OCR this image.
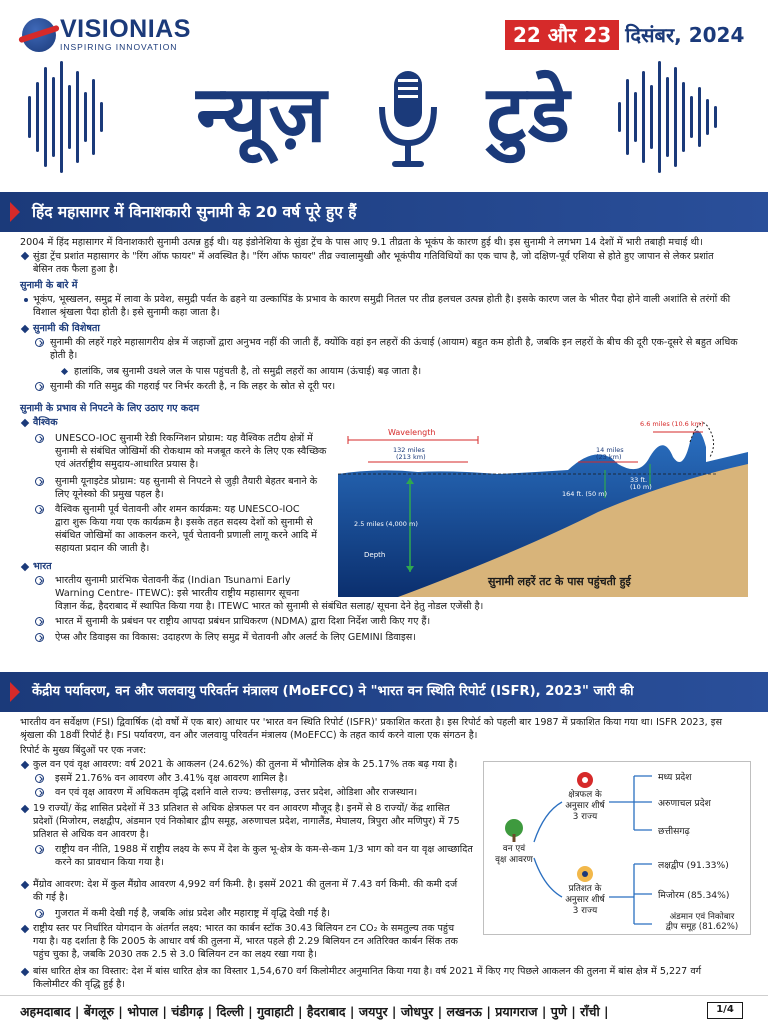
VISIONIAS
INSPIRING INNOVATION	22 और 23 दिसंबर, 2024
न्यूज़ टुडे
हिंद महासागर में विनाशकारी सुनामी के 20 वर्ष पूरे हुए हैं
2004 में हिंद महासागर में विनाशकारी सुनामी उत्पन्न हुई थी। यह इंडोनेशिया के सुंडा ट्रेंच के पास आए 9.1 तीव्रता के भूकंप के कारण हुई थी। इस सुनामी ने लगभग 14 देशों में भारी तबाही मचाई थी।
सुंडा ट्रेंच प्रशांत महासागर के "रिंग ऑफ फायर" में अवस्थित है। "रिंग ऑफ फायर" तीव्र ज्वालामुखी और भूकंपीय गतिविधियों का एक चाप है, जो दक्षिण-पूर्व एशिया से होते हुए जापान से लेकर प्रशांत
बेसिन तक फैला हुआ है।
सुनामी के बारे में
भूकंप, भूस्खलन, समुद्र में लावा के प्रवेश, समुद्री पर्वत के ढहने या उल्कापिंड के प्रभाव के कारण समुद्री नितल पर तीव्र हलचल उत्पन्न होती है। इसके कारण जल के भीतर पैदा होने वाली अशांति से तरंगों की
विशाल श्रृंखला पैदा होती है। इसे सुनामी कहा जाता है।
सुनामी की विशेषता
सुनामी की लहरें गहरे महासागरीय क्षेत्र में जहाजों द्वारा अनुभव नहीं की जाती हैं, क्योंकि वहां इन लहरों की ऊंचाई (आयाम) बहुत कम होती है, जबकि इन लहरों के बीच की दूरी एक-दूसरे से बहुत अधिक
होती है।
हालांकि, जब सुनामी उथले जल के पास पहुंचती है, तो समुद्री लहरों का आयाम (ऊंचाई) बढ़ जाता है।
सुनामी की गति समुद्र की गहराई पर निर्भर करती है, न कि लहर के स्रोत से दूरी पर।
सुनामी के प्रभाव से निपटने के लिए उठाए गए कदम
वैश्विक
UNESCO-IOC सुनामी रेडी रिकग्निशन प्रोग्राम: यह वैश्विक तटीय क्षेत्रों में
सुनामी से संबंधित जोखिमों की रोकथाम को मजबूत करने के लिए एक स्वैच्छिक
एवं अंतर्राष्ट्रीय समुदाय-आधारित प्रयास है।
सुनामी यूनाइटेड प्रोग्राम: यह सुनामी से निपटने से जुड़ी तैयारी बेहतर बनाने के
लिए यूनेस्को की प्रमुख पहल है।
वैश्विक सुनामी पूर्व चेतावनी और शमन कार्यक्रम: यह UNESCO-IOC
द्वारा शुरू किया गया एक कार्यक्रम है। इसके तहत सदस्य देशों को सुनामी से
संबंधित जोखिमों का आकलन करने, पूर्व चेतावनी प्रणाली लागू करने आदि में
सहायता प्रदान की जाती है।
भारत
भारतीय सुनामी प्रारंभिक चेतावनी केंद्र (Indian Tsunami Early
Warning Centre- ITEWC): इसे भारतीय राष्ट्रीय महासागर सूचना
विज्ञान केंद्र, हैदराबाद में स्थापित किया गया है। ITEWC भारत को सुनामी से संबंधित सलाह/ सूचना देने हेतु नोडल एजेंसी है।
भारत में सुनामी के प्रबंधन पर राष्ट्रीय आपदा प्रबंधन प्राधिकरण (NDMA) द्वारा दिशा निर्देश जारी किए गए हैं।
ऐप्स और डिवाइस का विकास: उदाहरण के लिए समुद्र में चेतावनी और अलर्ट के लिए GEMINI डिवाइस।
Wavelength
132 miles
(213 km)
14 miles
(23 km)
6.6 miles (10.6 km)
164 ft. (50 m)
33 ft.
(10 m)
2.5 miles (4,000 m)
Depth
सुनामी लहरें तट के पास पहुंचती हुई
केंद्रीय पर्यावरण, वन और जलवायु परिवर्तन मंत्रालय (MoEFCC) ने "भारत वन स्थिति रिपोर्ट (ISFR), 2023" जारी की
भारतीय वन सर्वेक्षण (FSI) द्विवार्षिक (दो वर्षों में एक बार) आधार पर 'भारत वन स्थिति रिपोर्ट (ISFR)' प्रकाशित करता है। इस रिपोर्ट को पहली बार 1987 में प्रकाशित किया गया था। ISFR 2023, इस
श्रृंखला की 18वीं रिपोर्ट है। FSI पर्यावरण, वन और जलवायु परिवर्तन मंत्रालय (MoEFCC) के तहत कार्य करने वाला एक संगठन है।
रिपोर्ट के मुख्य बिंदुओं पर एक नजर:
कुल वन एवं वृक्ष आवरण: वर्ष 2021 के आकलन (24.62%) की तुलना में भौगोलिक क्षेत्र के 25.17% तक बढ़ गया है।
इसमें 21.76% वन आवरण और 3.41% वृक्ष आवरण शामिल है।
वन एवं वृक्ष आवरण में अधिकतम वृद्धि दर्शाने वाले राज्य: छत्तीसगढ़, उत्तर प्रदेश, ओडिशा और राजस्थान।
19 राज्यों/ केंद्र शासित प्रदेशों में 33 प्रतिशत से अधिक क्षेत्रफल पर वन आवरण मौजूद है। इनमें से 8 राज्यों/ केंद्र शासित
प्रदेशों (मिजोरम, लक्षद्वीप, अंडमान एवं निकोबार द्वीप समूह, अरुणाचल प्रदेश, नागालैंड, मेघालय, त्रिपुरा और मणिपुर) में 75
प्रतिशत से अधिक वन आवरण है।
राष्ट्रीय वन नीति, 1988 में राष्ट्रीय लक्ष्य के रूप में देश के कुल भू-क्षेत्र के कम-से-कम 1/3 भाग को वन या वृक्ष आच्छादित
करने का प्रावधान किया गया है।
मैंग्रोव आवरण: देश में कुल मैंग्रोव आवरण 4,992 वर्ग किमी. है। इसमें 2021 की तुलना में 7.43 वर्ग किमी. की कमी दर्ज
की गई है।
गुजरात में कमी देखी गई है, जबकि आंध्र प्रदेश और महाराष्ट्र में वृद्धि देखी गई है।
राष्ट्रीय स्तर पर निर्धारित योगदान के अंतर्गत लक्ष्य: भारत का कार्बन स्टॉक 30.43 बिलियन टन CO₂ के समतुल्य तक पहुंच
गया है। यह दर्शाता है कि 2005 के आधार वर्ष की तुलना में, भारत पहले ही 2.29 बिलियन टन अतिरिक्त कार्बन सिंक तक
पहुंच चुका है, जबकि 2030 तक 2.5 से 3.0 बिलियन टन का लक्ष्य रखा गया है।
बांस धारित क्षेत्र का विस्तार: देश में बांस धारित क्षेत्र का विस्तार 1,54,670 वर्ग किलोमीटर अनुमानित किया गया है। वर्ष 2021 में किए गए पिछले आकलन की तुलना में बांस क्षेत्र में 5,227 वर्ग
किलोमीटर की वृद्धि हुई है।
वन एवं
वृक्ष आवरण
क्षेत्रफल के
अनुसार शीर्ष
3 राज्य
प्रतिशत के
अनुसार शीर्ष
3 राज्य
मध्य प्रदेश
अरुणाचल प्रदेश
छत्तीसगढ़
लक्षद्वीप (91.33%)
मिजोरम (85.34%)
अंडमान एवं निकोबार
द्वीप समूह (81.62%)
अहमदाबाद | बेंगलूरु | भोपाल | चंडीगढ़ | दिल्ली | गुवाहाटी | हैदराबाद | जयपुर | जोधपुर | लखनऊ | प्रयागराज | पुणे | राँची |	1/4
